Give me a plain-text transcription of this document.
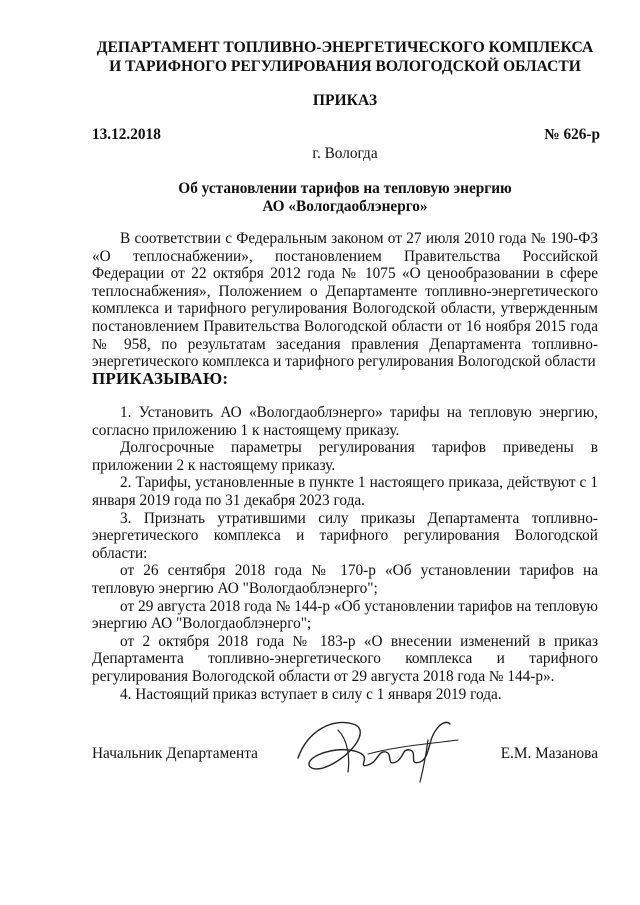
ДЕПАРТАМЕНТ ТОПЛИВНО-ЭНЕРГЕТИЧЕСКОГО КОМПЛЕКСА
И ТАРИФНОГО РЕГУЛИРОВАНИЯ ВОЛОГОДСКОЙ ОБЛАСТИ
ПРИКАЗ
13.12.2018	№ 626-р
г. Вологда
Об установлении тарифов на тепловую энергию
АО «Вологдаоблэнерго»
В соответствии с Федеральным законом от 27 июля 2010 года № 190-ФЗ «О теплоснабжении», постановлением Правительства Российской Федерации от 22 октября 2012 года № 1075 «О ценообразовании в сфере теплоснабжения», Положением о Департаменте топливно-энергетического комплекса и тарифного регулирования Вологодской области, утвержденным постановлением Правительства Вологодской области от 16 ноября 2015 года № 958, по результатам заседания правления Департамента топливно-энергетического комплекса и тарифного регулирования Вологодской области
ПРИКАЗЫВАЮ:

1. Установить АО «Вологдаоблэнерго» тарифы на тепловую энергию, согласно приложению 1 к настоящему приказу.

Долгосрочные параметры регулирования тарифов приведены в приложении 2 к настоящему приказу.

2. Тарифы, установленные в пункте 1 настоящего приказа, действуют с 1 января 2019 года по 31 декабря 2023 года.

3. Признать утратившими силу приказы Департамента топливно-энергетического комплекса и тарифного регулирования Вологодской области:

от 26 сентября 2018 года № 170-р «Об установлении тарифов на тепловую энергию АО "Вологдаоблэнерго";

от 29 августа 2018 года № 144-р «Об установлении тарифов на тепловую энергию АО "Вологдаоблэнерго";

от 2 октября 2018 года № 183-р «О внесении изменений в приказ Департамента топливно-энергетического комплекса и тарифного регулирования Вологодской области от 29 августа 2018 года № 144-р».

4. Настоящий приказ вступает в силу с 1 января 2019 года.

Начальник Департамента	Е.М. Мазанова
